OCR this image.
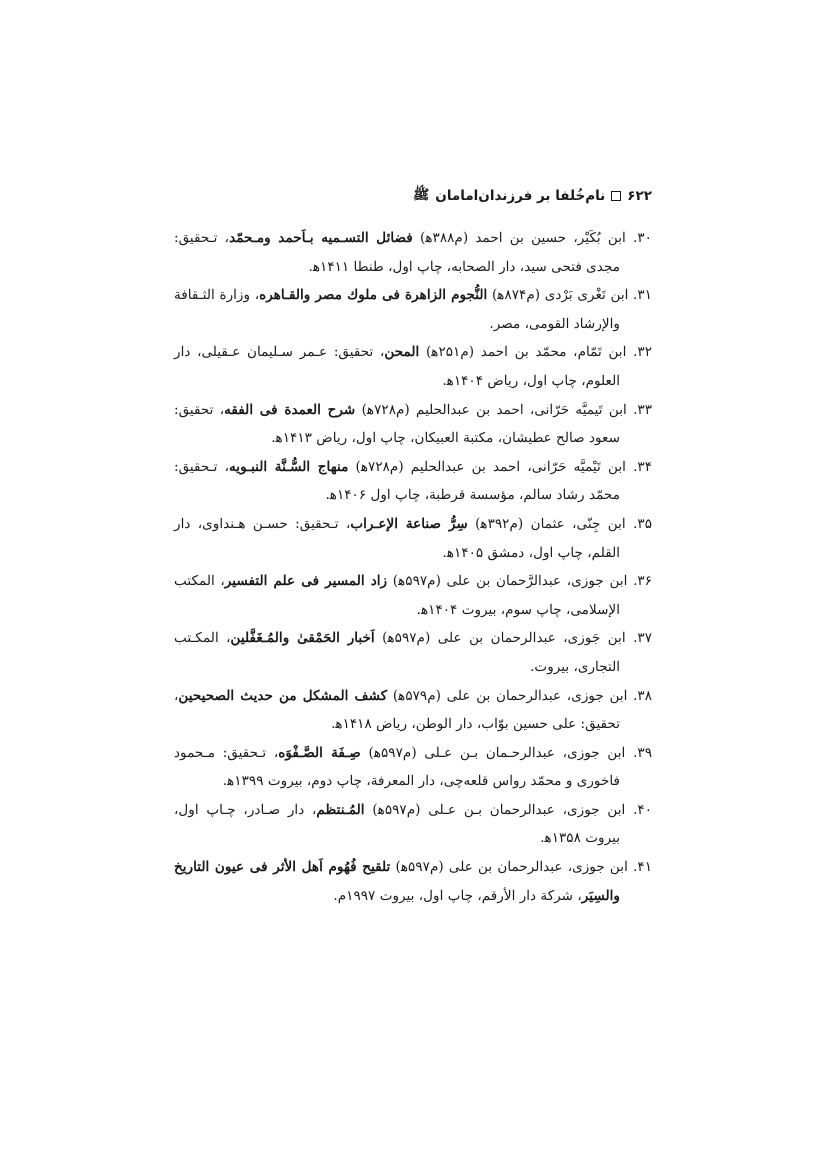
۶۲۲
نام‌خُلفا بر فرزندان‌امامان
ﷺ

۳۰. ابن بُکَیْر، حسین بن احمد (م۳۸۸ه‍) فضائل التسـمیه بـاَحمد ومـحمّد، تـحقیق: مجدی فتحی سید، دار الصحابه، چاپ اول، طنطا ۱۴۱۱ه‍.

۳۱. ابن تَغْری بَرْدی (م۸۷۴ه‍) النُّجوم الزاهرة فی ملوك مصر والقـاهره، وزارة الثـقافة والإرشاد القومی، مصر.

۳۲. ابن تَمّام، محمّد بن احمد (م۲۵۱ه‍) المحن، تحقیق: عـمر سـلیمان عـقیلی، دار العلوم، چاپ اول، ریاض ۱۴۰۴ه‍.

۳۳. ابن تَیمیَّه حَرّانی، احمد بن عبدالحلیم (م۷۲۸ه‍) شرح العمدة فی الفقه، تحقیق: سعود صالح عطیشان، مکتبة العبیکان، چاپ اول، ریاض ۱۴۱۳ه‍.

۳۴. ابن تَیْمیَّه حَرّانی، احمد بن عبدالحلیم (م۷۲۸ه‍) منهاج السُّـنَّة النبـویه، تـحقیق: محمّد رشاد سالم، مؤسسة قرطبة، چاپ اول ۱۴۰۶ه‍.

۳۵. ابن جِنّی، عثمان (م۳۹۲ه‍) سِرُّ صناعة الإعـراب، تـحقیق: حسـن هـنداوی، دار القلم، چاپ اول، دمشق ۱۴۰۵ه‍.

۳۶. ابن جوزی، عبدالرَّحمان بن علی (م۵۹۷ه‍) زاد المسیر فی علم التفسیر، المکتب الإسلامی، چاپ سوم، بیروت ۱۴۰۴ه‍.

۳۷. ابن جَوزی، عبدالرحمان بن علی (م۵۹۷ه‍) اَخبار الحَمْقیٰ والمُـغَفَّلین، المکـتب التجاری، بیروت.

۳۸. ابن جوزی، عبدالرحمان بن علی (م۵۷۹ه‍) کشف المشکل من حدیث الصحیحین، تحقیق: علی حسین بوّاب، دار الوطن، ریاض ۱۴۱۸ه‍.

۳۹. ابن جوزی، عبدالرحـمان بـن عـلی (م۵۹۷ه‍) صِـفَة الصَّـفْوَه، تـحقیق: مـحمود فاخوری و محمّد رواس قلعه‌چی، دار المعرفة، چاپ دوم، بیروت ۱۳۹۹ه‍.

۴۰. ابن جوزی، عبدالرحمان بـن عـلی (م۵۹۷ه‍) المُـنتظم، دار صـادر، چـاپ اول، بیروت ۱۳۵۸ه‍.

۴۱. ابن جوزی، عبدالرحمان بن علی (م۵۹۷ه‍) تلقیح فُهُوم اَهل الأثر فی عیون التاریخ والسِیَر، شرکة دار الأرقم، چاپ اول، بیروت ۱۹۹۷م.
